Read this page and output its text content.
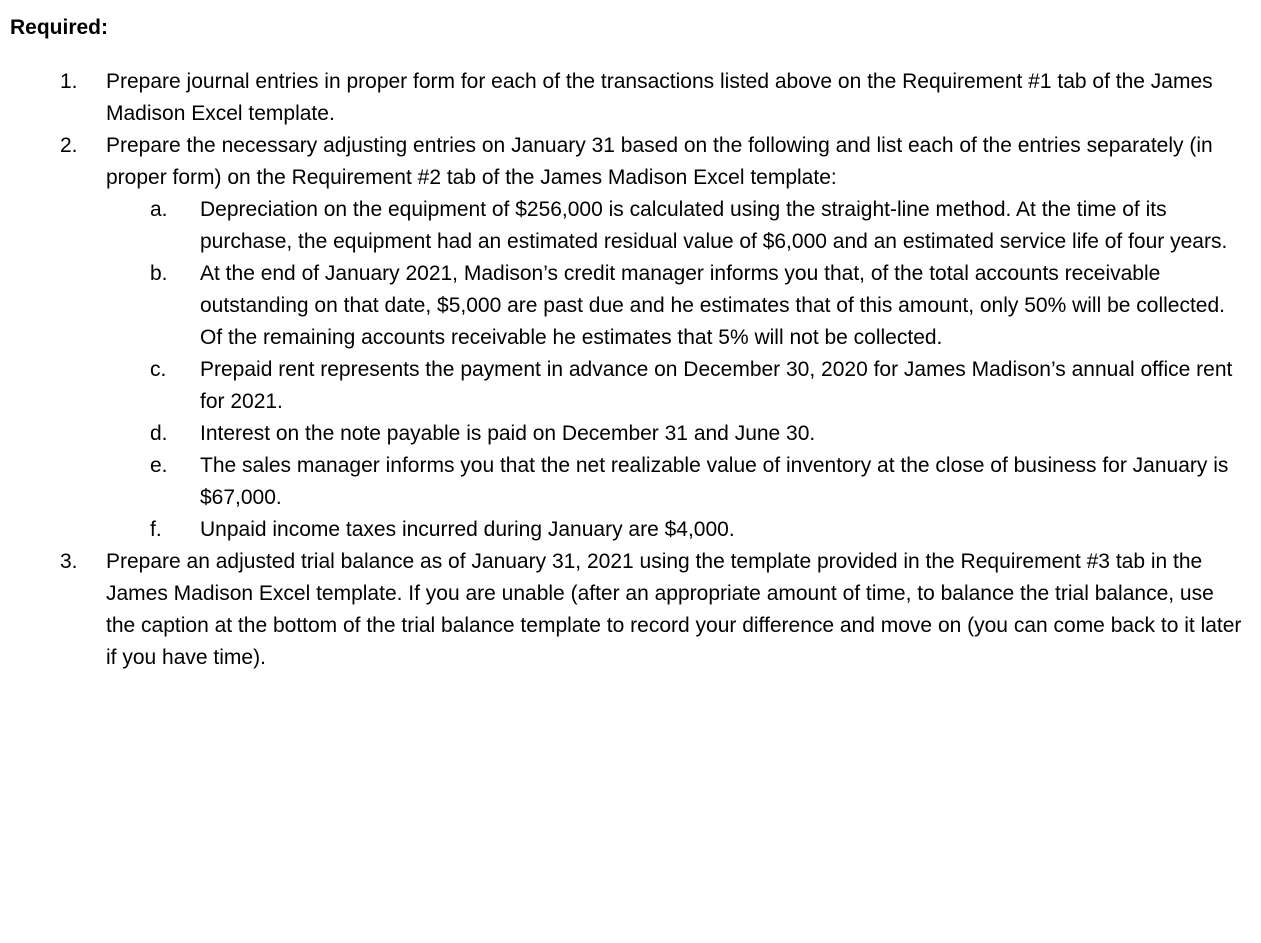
Required:
1. Prepare journal entries in proper form for each of the transactions listed above on the Requirement #1 tab of the James Madison Excel template.
2. Prepare the necessary adjusting entries on January 31 based on the following and list each of the entries separately (in proper form) on the Requirement #2 tab of the James Madison Excel template:
a. Depreciation on the equipment of $256,000 is calculated using the straight-line method. At the time of its purchase, the equipment had an estimated residual value of $6,000 and an estimated service life of four years.
b. At the end of January 2021, Madison’s credit manager informs you that, of the total accounts receivable outstanding on that date, $5,000 are past due and he estimates that of this amount, only 50% will be collected. Of the remaining accounts receivable he estimates that 5% will not be collected.
c. Prepaid rent represents the payment in advance on December 30, 2020 for James Madison’s annual office rent for 2021.
d. Interest on the note payable is paid on December 31 and June 30.
e. The sales manager informs you that the net realizable value of inventory at the close of business for January is $67,000.
f. Unpaid income taxes incurred during January are $4,000.
3. Prepare an adjusted trial balance as of January 31, 2021 using the template provided in the Requirement #3 tab in the James Madison Excel template. If you are unable (after an appropriate amount of time, to balance the trial balance, use the caption at the bottom of the trial balance template to record your difference and move on (you can come back to it later if you have time).
